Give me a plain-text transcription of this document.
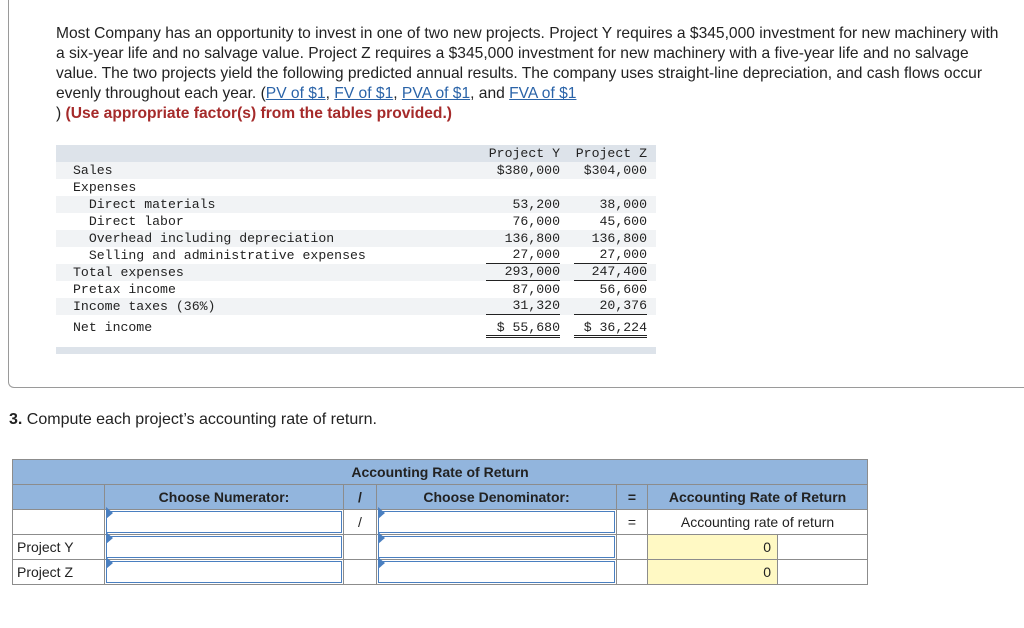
Most Company has an opportunity to invest in one of two new projects. Project Y requires a $345,000 investment for new machinery with a six-year life and no salvage value. Project Z requires a $345,000 investment for new machinery with a five-year life and no salvage value. The two projects yield the following predicted annual results. The company uses straight-line depreciation, and cash flows occur evenly throughout each year. (PV of $1, FV of $1, PVA of $1, and FVA of $1
) (Use appropriate factor(s) from the tables provided.)
Project Y Project Z
Sales	$380,000	$304,000
Expenses
Direct materials	53,200	38,000
Direct labor	76,000	45,600
Overhead including depreciation	136,800	136,800
Selling and administrative expenses	27,000	27,000
Total expenses	293,000	247,400
Pretax income	87,000	56,600
Income taxes (36%)	31,320	20,376
Net income	$ 55,680	$ 36,224
3. Compute each project’s accounting rate of return.
Accounting Rate of Return						
	Choose Numerator:	/	Choose Denominator:	=	Accounting Rate of Return	

	/		=	Accounting rate of return	
Project Y					0	
Project Z					0	
